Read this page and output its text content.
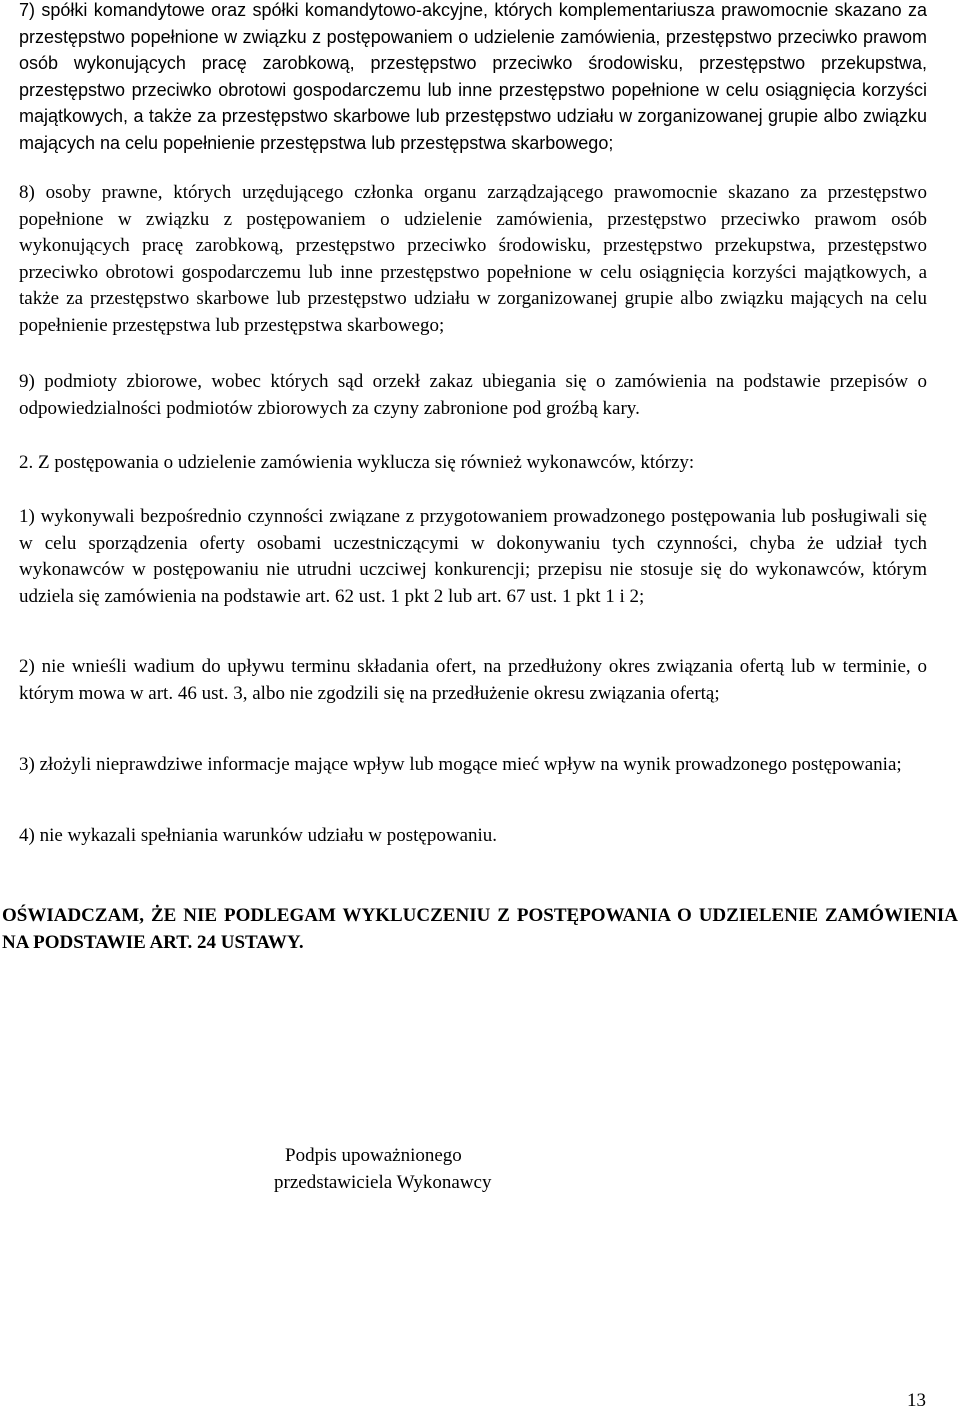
7) spółki komandytowe oraz spółki komandytowo-akcyjne, których komplementariusza prawomocnie skazano za przestępstwo popełnione w związku z postępowaniem o udzielenie zamówienia, przestępstwo przeciwko prawom osób wykonujących pracę zarobkową, przestępstwo przeciwko środowisku, przestępstwo przekupstwa, przestępstwo przeciwko obrotowi gospodarczemu lub inne przestępstwo popełnione w celu osiągnięcia korzyści majątkowych, a także za przestępstwo skarbowe lub przestępstwo udziału w zorganizowanej grupie albo związku mających na celu popełnienie przestępstwa lub przestępstwa skarbowego;

8) osoby prawne, których urzędującego członka organu zarządzającego prawomocnie skazano za przestępstwo popełnione w związku z postępowaniem o udzielenie zamówienia, przestępstwo przeciwko prawom osób wykonujących pracę zarobkową, przestępstwo przeciwko środowisku, przestępstwo przekupstwa, przestępstwo przeciwko obrotowi gospodarczemu lub inne przestępstwo popełnione w celu osiągnięcia korzyści majątkowych, a także za przestępstwo skarbowe lub przestępstwo udziału w zorganizowanej grupie albo związku mających na celu popełnienie przestępstwa lub przestępstwa skarbowego;

9) podmioty zbiorowe, wobec których sąd orzekł zakaz ubiegania się o zamówienia na podstawie przepisów o odpowiedzialności podmiotów zbiorowych za czyny zabronione pod groźbą kary.

2. Z postępowania o udzielenie zamówienia wyklucza się również wykonawców, którzy:

1) wykonywali bezpośrednio czynności związane z przygotowaniem prowadzonego postępowania lub posługiwali się w celu sporządzenia oferty osobami uczestniczącymi w dokonywaniu tych czynności, chyba że udział tych wykonawców w postępowaniu nie utrudni uczciwej konkurencji; przepisu nie stosuje się do wykonawców, którym udziela się zamówienia na podstawie art. 62 ust. 1 pkt 2 lub art. 67 ust. 1 pkt 1 i 2;

2) nie wnieśli wadium do upływu terminu składania ofert, na przedłużony okres związania ofertą lub w terminie, o którym mowa w art. 46 ust. 3, albo nie zgodzili się na przedłużenie okresu związania ofertą;

3) złożyli nieprawdziwe informacje mające wpływ lub mogące mieć wpływ na wynik prowadzonego postępowania;

4) nie wykazali spełniania warunków udziału w postępowaniu.

OŚWIADCZAM, ŻE NIE PODLEGAM WYKLUCZENIU Z POSTĘPOWANIA O UDZIELENIE ZAMÓWIENIA NA PODSTAWIE ART. 24 USTAWY.

Podpis upoważnionego
przedstawiciela Wykonawcy
13
